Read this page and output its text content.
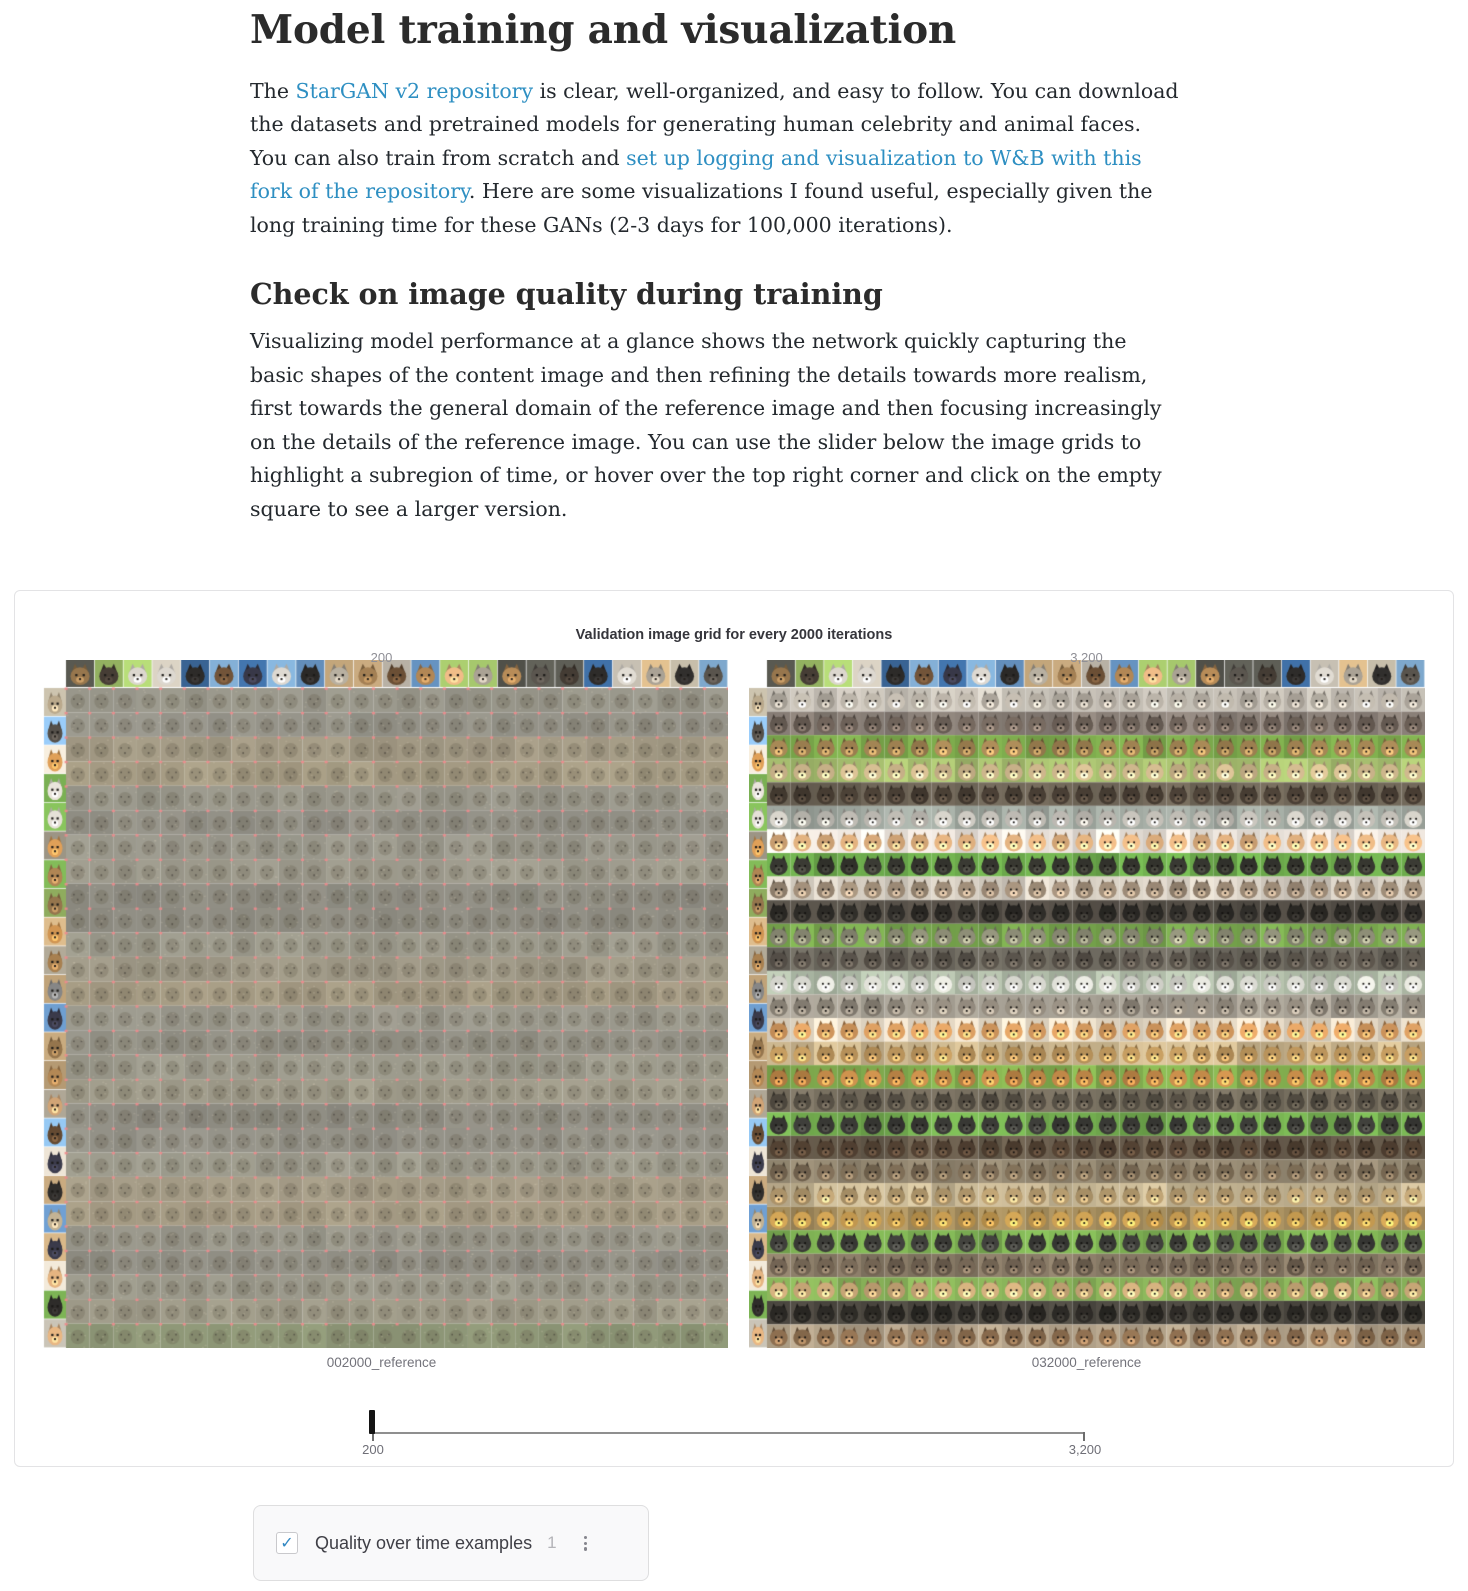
Model training and visualization

The StarGAN v2 repository is clear, well-organized, and easy to follow. You can download the datasets and pretrained models for generating human celebrity and animal faces. You can also train from scratch and set up logging and visualization to W&B with this fork of the repository. Here are some visualizations I found useful, especially given the long training time for these GANs (2-3 days for 100,000 iterations).

Check on image quality during training

Visualizing model performance at a glance shows the network quickly capturing the basic shapes of the content image and then refining the details towards more realism, first towards the general domain of the reference image and then focusing increasingly on the details of the reference image. You can use the slider below the image grids to highlight a subregion of time, or hover over the top right corner and click on the empty square to see a larger version.

Validation image grid for every 2000 iterations
200
002000_reference
3,200
032000_reference
200	3,200
✓ Quality over time examples 1
